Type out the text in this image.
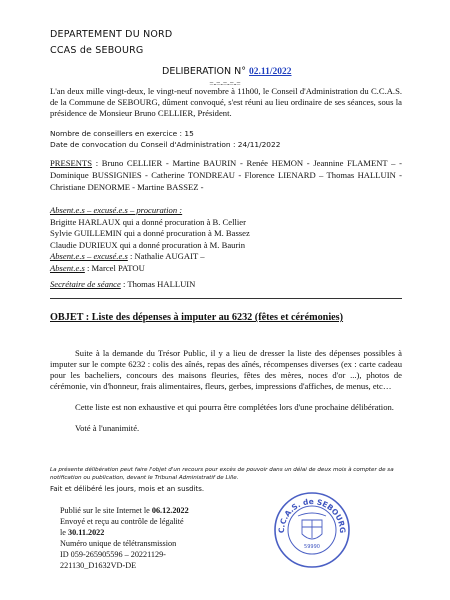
DEPARTEMENT DU NORD
CCAS de SEBOURG
DELIBERATION N° 02.11/2022
=-=-=-=-=
L'an deux mille vingt-deux, le vingt-neuf novembre à 11h00, le Conseil d'Administration du C.C.A.S. de la Commune de SEBOURG, dûment convoqué, s'est réuni au lieu ordinaire de ses séances, sous la présidence de Monsieur Bruno CELLIER, Président.
Nombre de conseillers en exercice : 15
Date de convocation du Conseil d'Administration : 24/11/2022
PRESENTS : Bruno CELLIER - Martine BAURIN - Renée HEMON - Jeannine FLAMENT – - Dominique BUSSIGNIES - Catherine TONDREAU - Florence LIENARD – Thomas HALLUIN - Christiane DENORME - Martine BASSEZ -
Absent.e.s – excusé.e.s – procuration :
Brigitte HARLAUX qui a donné procuration à B. Cellier
Sylvie GUILLEMIN qui a donné procuration à M. Bassez
Claudie DURIEUX qui a donné procuration à M. Baurin
Absent.e.s – excusé.e.s : Nathalie AUGAIT –
Absent.e.s : Marcel PATOU
Secrétaire de séance : Thomas HALLUIN
OBJET : Liste des dépenses à imputer au 6232 (fêtes et cérémonies)

Suite à la demande du Trésor Public, il y a lieu de dresser la liste des dépenses possibles à imputer sur le compte 6232 : colis des aînés, repas des aînés, récompenses diverses (ex : carte cadeau pour les bacheliers, concours des maisons fleuries, fêtes des mères, noces d'or ...), photos de cérémonie, vin d'honneur, frais alimentaires, fleurs, gerbes, impressions d'affiches, de menus, etc…

Cette liste est non exhaustive et qui pourra être complétées lors d'une prochaine délibération.

Voté à l'unanimité.

La présente délibération peut faire l'objet d'un recours pour excès de pouvoir dans un délai de deux mois à compter de sa notification ou publication, devant le Tribunal Administratif de Lille.
Fait et délibéré les jours, mois et an susdits.
Publié sur le site Internet le 06.12.2022
Envoyé et reçu au contrôle de légalité
le 30.11.2022
Numéro unique de télétransmission
ID 059-265905596 – 20221129-
221130_D1632VD-DE
C.C.A.S. de SEBOURG
59990
